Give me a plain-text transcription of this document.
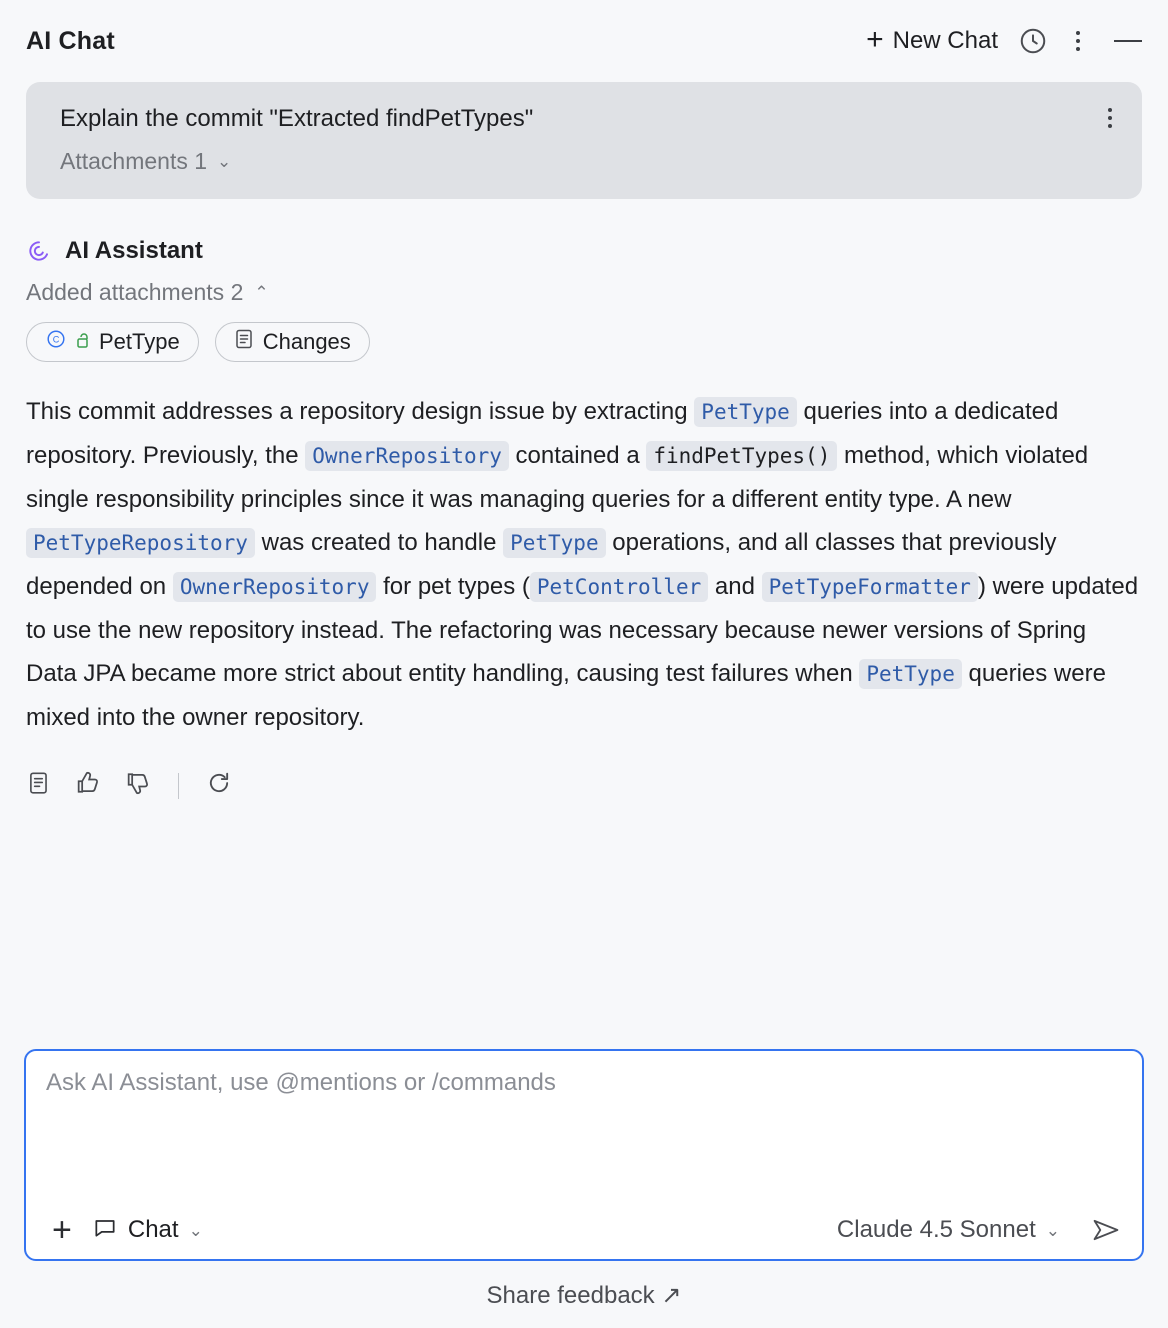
AI Chat	+ New Chat
Explain the commit "Extracted findPetTypes"
Attachments 1 ⌄
AI Assistant
Added attachments 2 ⌃
C PetType	Changes
This commit addresses a repository design issue by extracting PetType queries into a dedicated repository. Previously, the OwnerRepository contained a findPetTypes() method, which violated single responsibility principles since it was managing queries for a different entity type. A new PetTypeRepository was created to handle PetType operations, and all classes that previously depended on OwnerRepository for pet types ( PetController and PetTypeFormatter ) were updated to use the new repository instead. The refactoring was necessary because newer versions of Spring Data JPA became more strict about entity handling, causing test failures when PetType queries were mixed into the owner repository.
Ask AI Assistant, use @mentions or /commands
+ Chat ⌄	Claude 4.5 Sonnet ⌄
Share feedback ↗
